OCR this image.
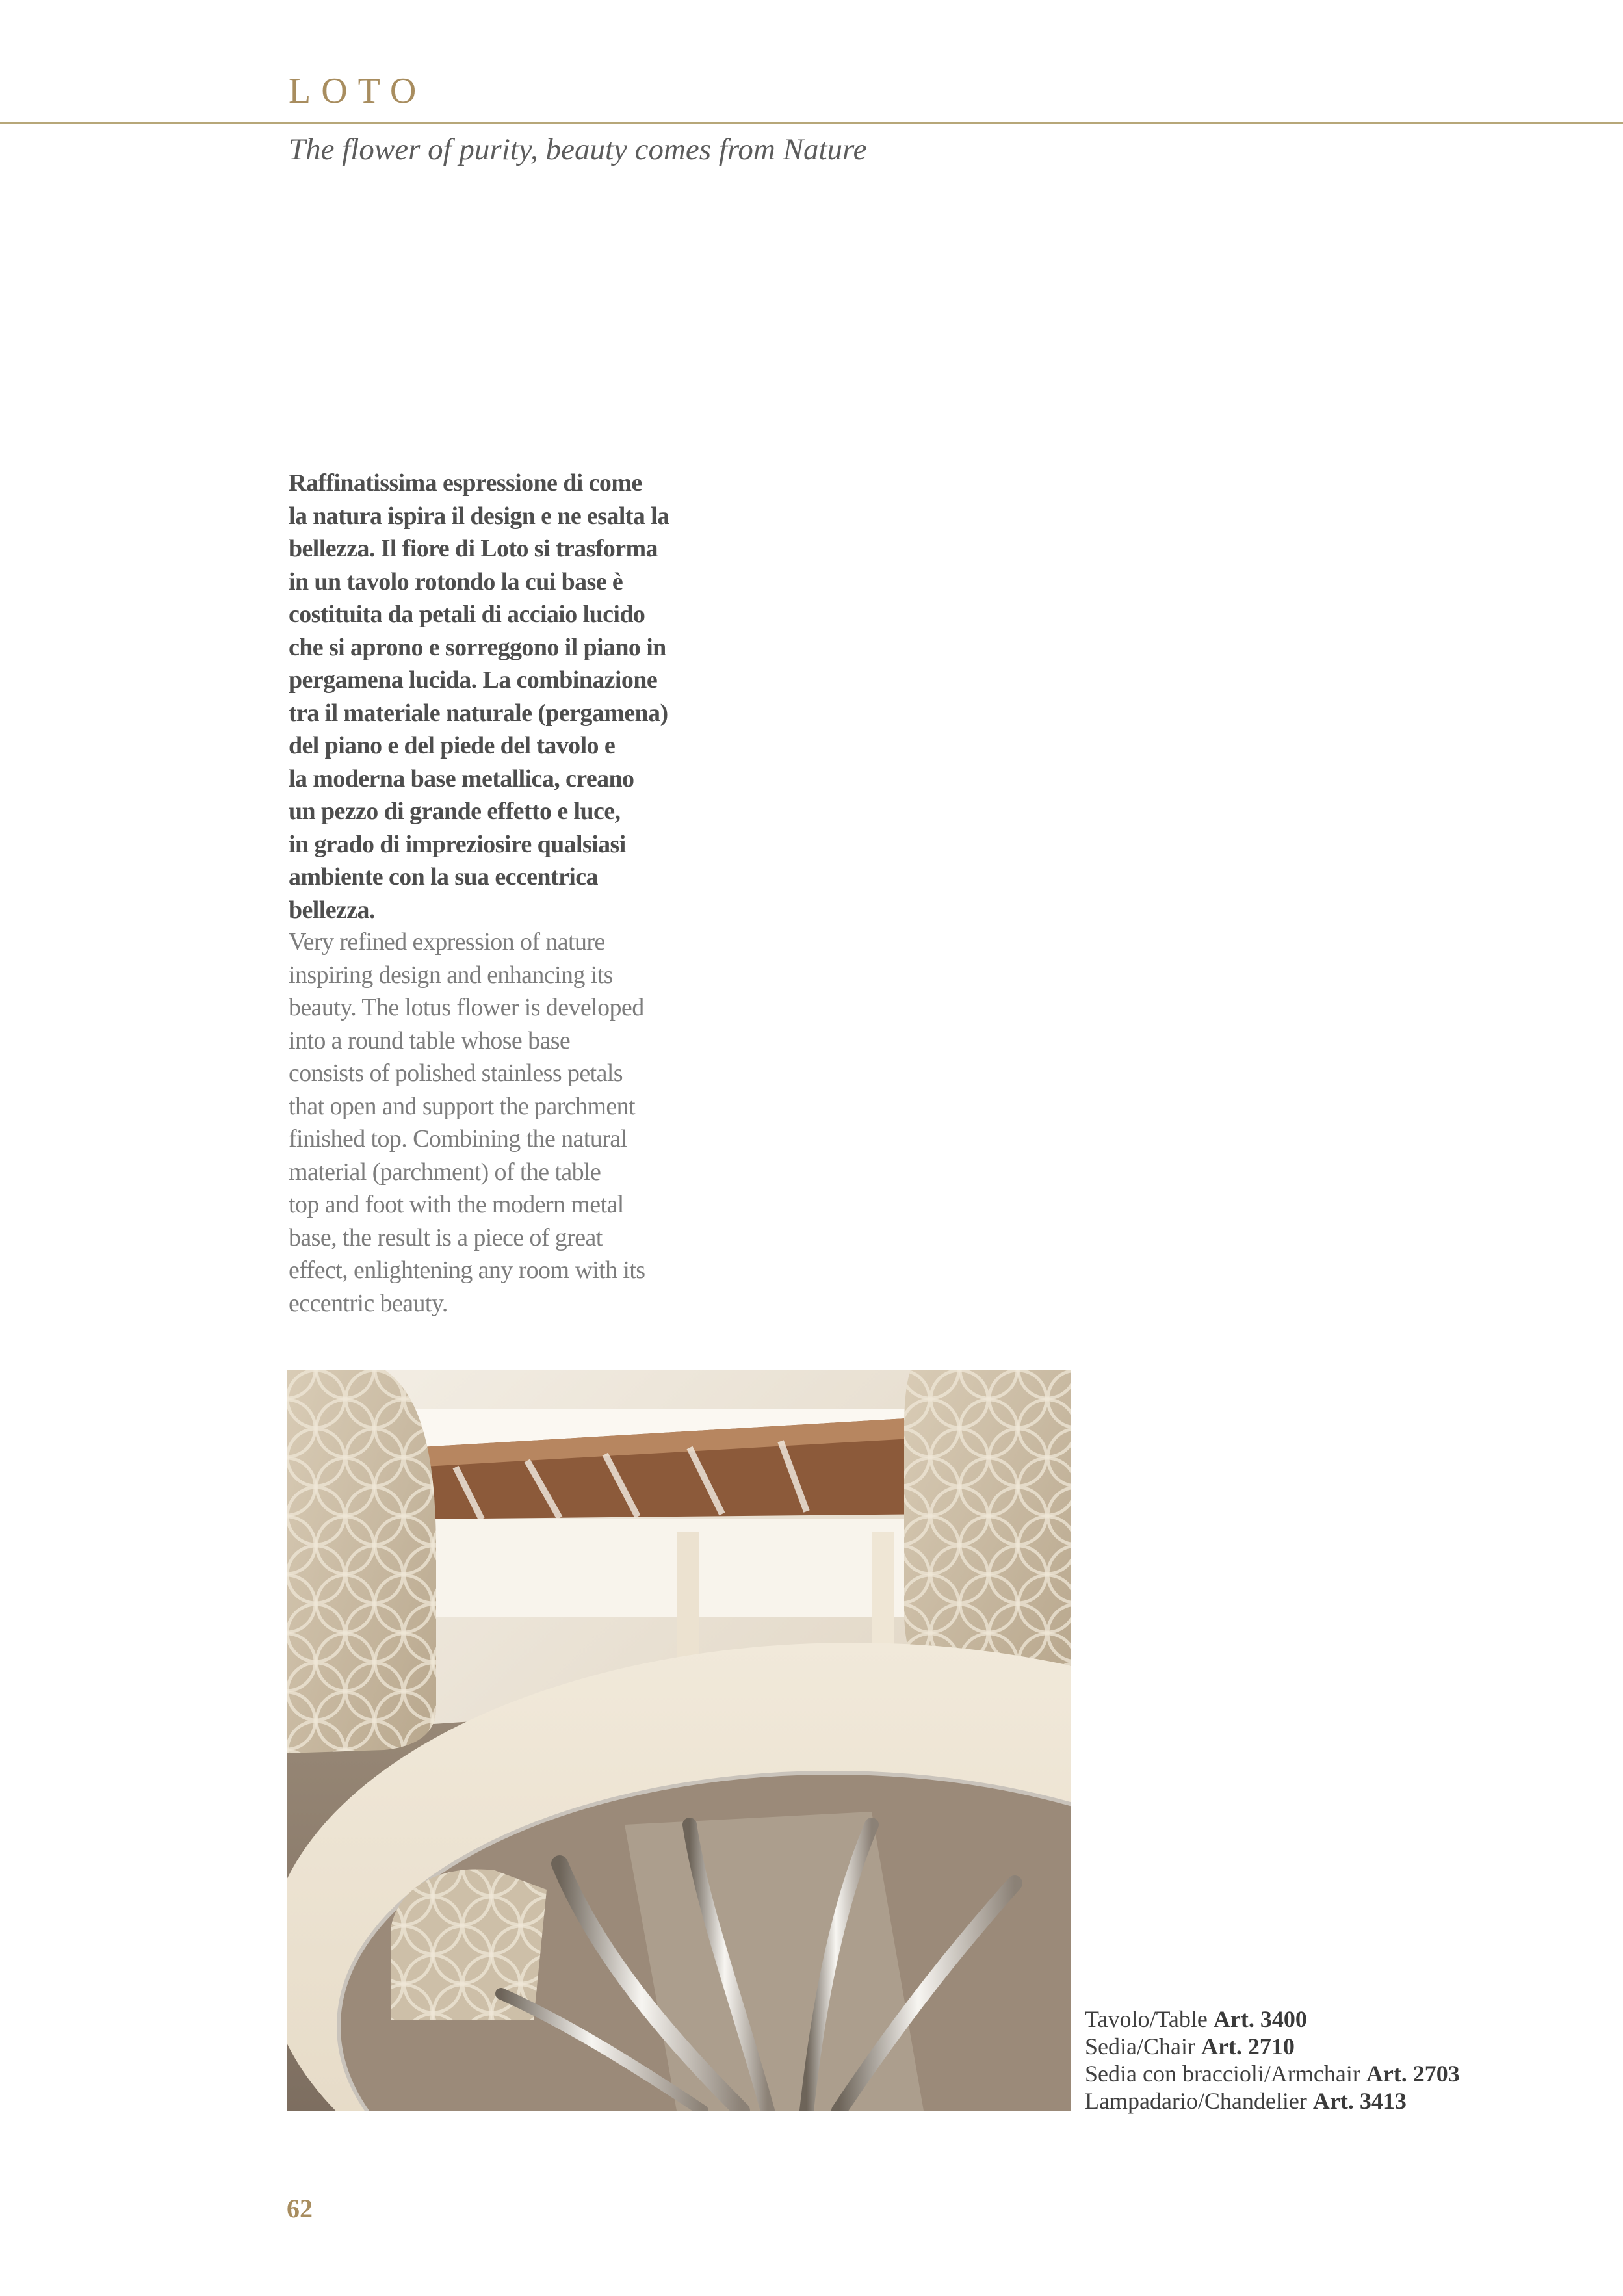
LOTO
The flower of purity, beauty comes from Nature
Raffinatissima espressione di come
la natura ispira il design e ne esalta la
bellezza. Il fiore di Loto si trasforma
in un tavolo rotondo la cui base è
costituita da petali di acciaio lucido
che si aprono e sorreggono il piano in
pergamena lucida. La combinazione
tra il materiale naturale (pergamena)
del piano e del piede del tavolo e
la moderna base metallica, creano
un pezzo di grande effetto e luce,
in grado di impreziosire qualsiasi
ambiente con la sua eccentrica
bellezza.
Very refined expression of nature
inspiring design and enhancing its
beauty. The lotus flower is developed
into a round table whose base
consists of polished stainless petals
that open and support the parchment
finished top. Combining the natural
material (parchment) of the table
top and foot with the modern metal
base, the result is a piece of great
effect, enlightening any room with its
eccentric beauty.
Tavolo/Table Art. 3400
Sedia/Chair Art. 2710
Sedia con braccioli/Armchair Art. 2703
Lampadario/Chandelier Art. 3413
62
